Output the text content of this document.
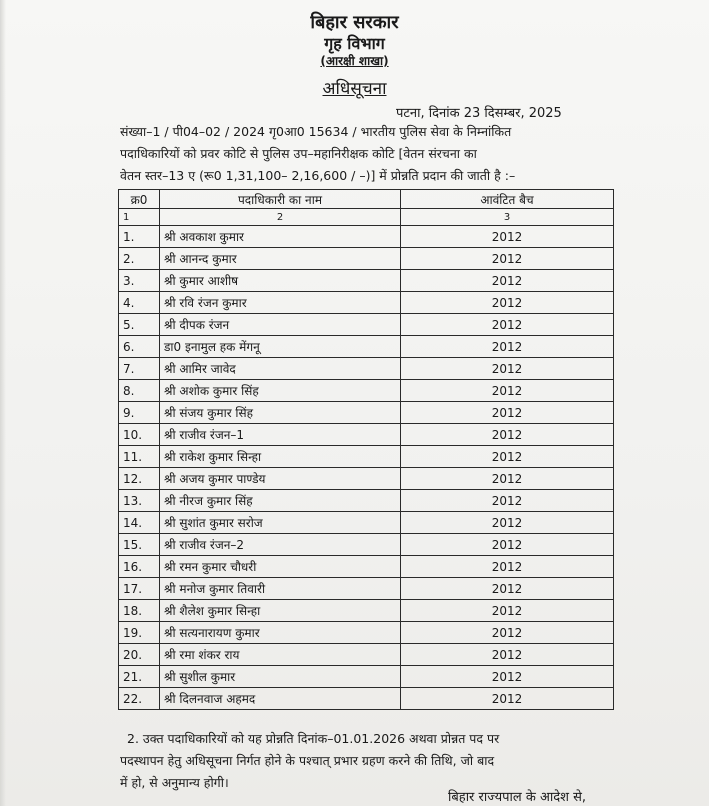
बिहार सरकार
गृह विभाग
(आरक्षी शाखा)
अधिसूचना
पटना, दिनांक 23 दिसम्बर, 2025
संख्या–1 / पी04–02 / 2024 गृ0आ0 15634 / भारतीय पुलिस सेवा के निम्नांकित
पदाधिकारियों को प्रवर कोटि से पुलिस उप–महानिरीक्षक कोटि [वेतन संरचना का
वेतन स्तर–13 ए (रू0 1,31,100– 2,16,600 / –)] में प्रोन्नति प्रदान की जाती है :–
क्र0	पदाधिकारी का नाम	आवंटित बैच
1	2	3
1.	श्री अवकाश कुमार	2012
2.	श्री आनन्द कुमार	2012
3.	श्री कुमार आशीष	2012
4.	श्री रवि रंजन कुमार	2012
5.	श्री दीपक रंजन	2012
6.	डा0 इनामुल हक मेंगनू	2012
7.	श्री आमिर जावेद	2012
8.	श्री अशोक कुमार सिंह	2012
9.	श्री संजय कुमार सिंह	2012
10.	श्री राजीव रंजन–1	2012
11.	श्री राकेश कुमार सिन्हा	2012
12.	श्री अजय कुमार पाण्डेय	2012
13.	श्री नीरज कुमार सिंह	2012
14.	श्री सुशांत कुमार सरोज	2012
15.	श्री राजीव रंजन–2	2012
16.	श्री रमन कुमार चौधरी	2012
17.	श्री मनोज कुमार तिवारी	2012
18.	श्री शैलेश कुमार सिन्हा	2012
19.	श्री सत्यनारायण कुमार	2012
20.	श्री रमा शंकर राय	2012
21.	श्री सुशील कुमार	2012
22.	श्री दिलनवाज अहमद	2012
2. उक्त पदाधिकारियों को यह प्रोन्नति दिनांक–01.01.2026 अथवा प्रोन्नत पद पर
पदस्थापन हेतु अधिसूचना निर्गत होने के पश्चात् प्रभार ग्रहण करने की तिथि, जो बाद
में हो, से अनुमान्य होगी।
बिहार राज्यपाल के आदेश से,
